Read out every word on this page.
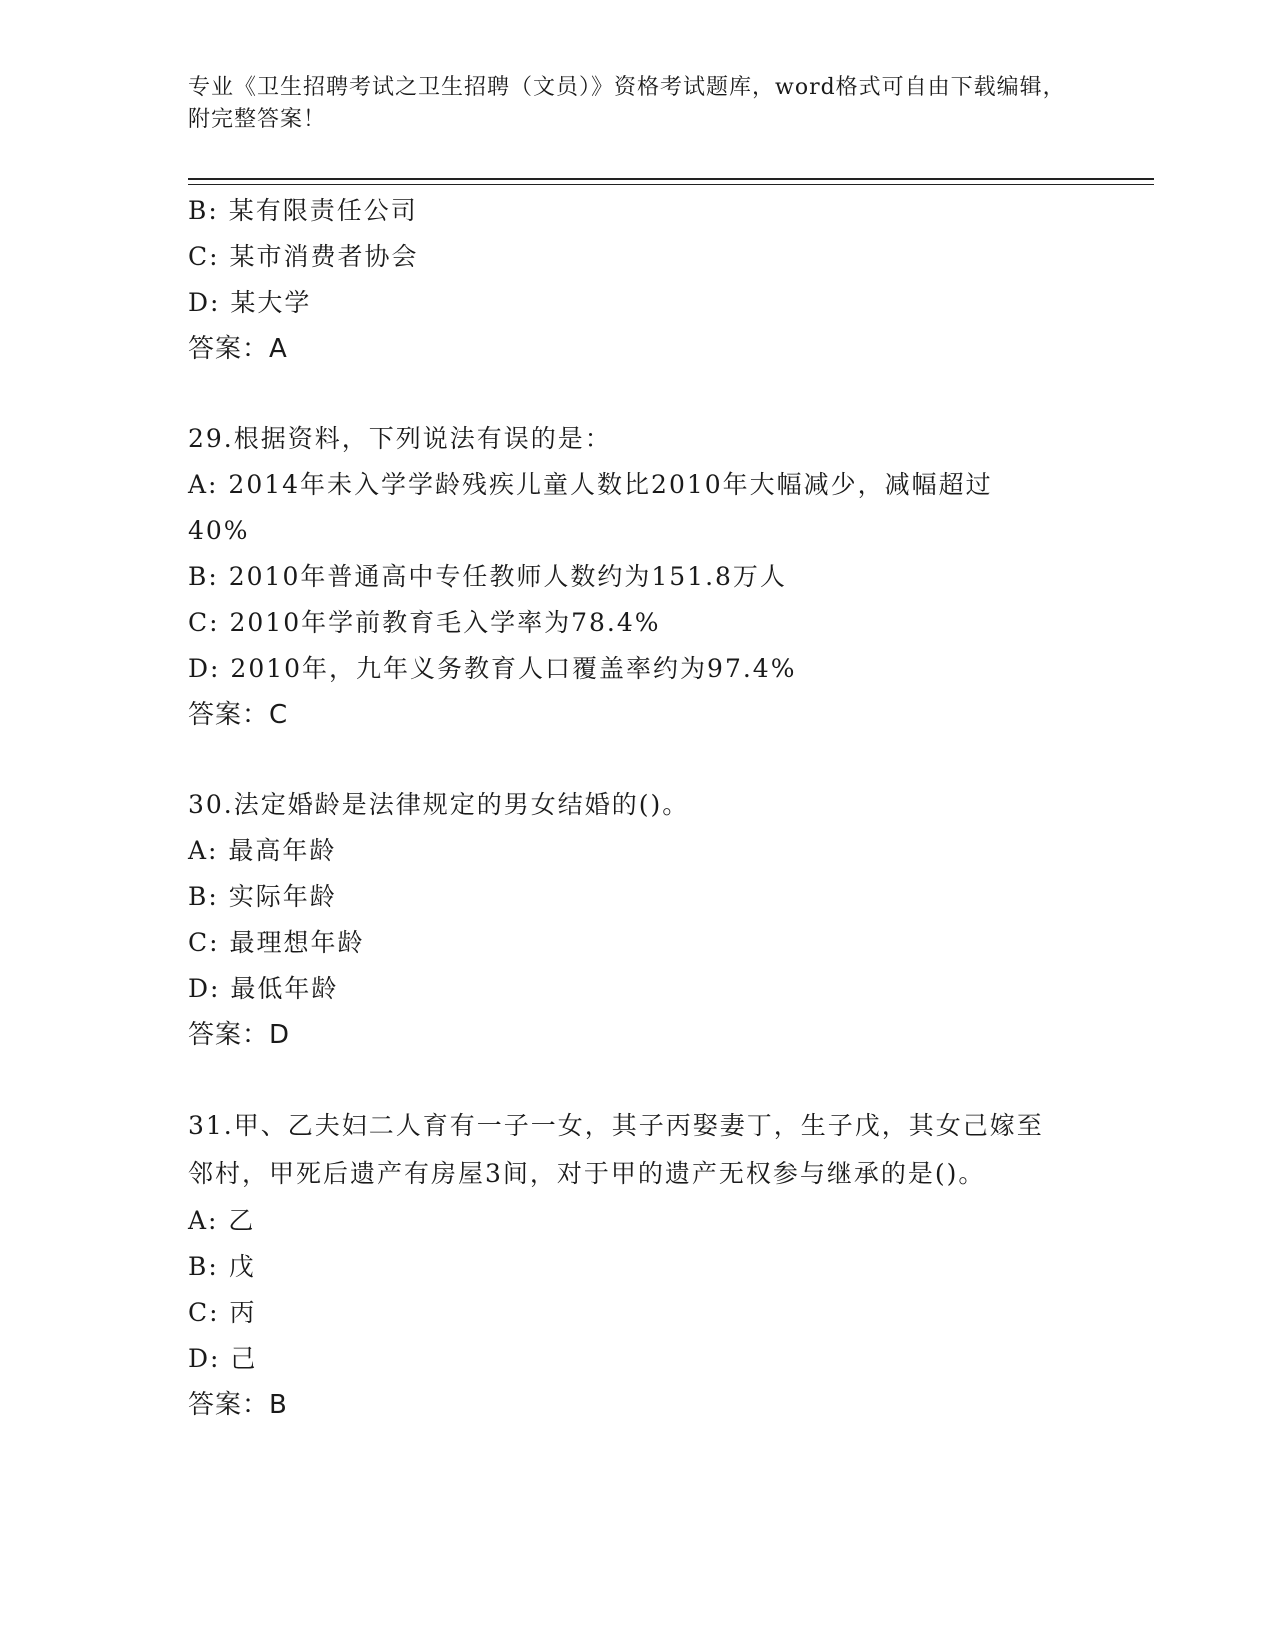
专业《卫生招聘考试之卫生招聘（文员）》资格考试题库，word格式可自由下载编辑，附完整答案！
B: 某有限责任公司
C: 某市消费者协会
D: 某大学
答案：A
29.根据资料，下列说法有误的是：
A: 2014年未入学学龄残疾儿童人数比2010年大幅减少，减幅超过40%
B: 2010年普通高中专任教师人数约为151.8万人
C: 2010年学前教育毛入学率为78.4%
D: 2010年，九年义务教育人口覆盖率约为97.4%
答案：C
30.法定婚龄是法律规定的男女结婚的()。
A: 最高年龄
B: 实际年龄
C: 最理想年龄
D: 最低年龄
答案：D
31.甲、乙夫妇二人育有一子一女，其子丙娶妻丁，生子戊，其女己嫁至邻村，甲死后遗产有房屋3间，对于甲的遗产无权参与继承的是()。
A: 乙
B: 戊
C: 丙
D: 己
答案：B
